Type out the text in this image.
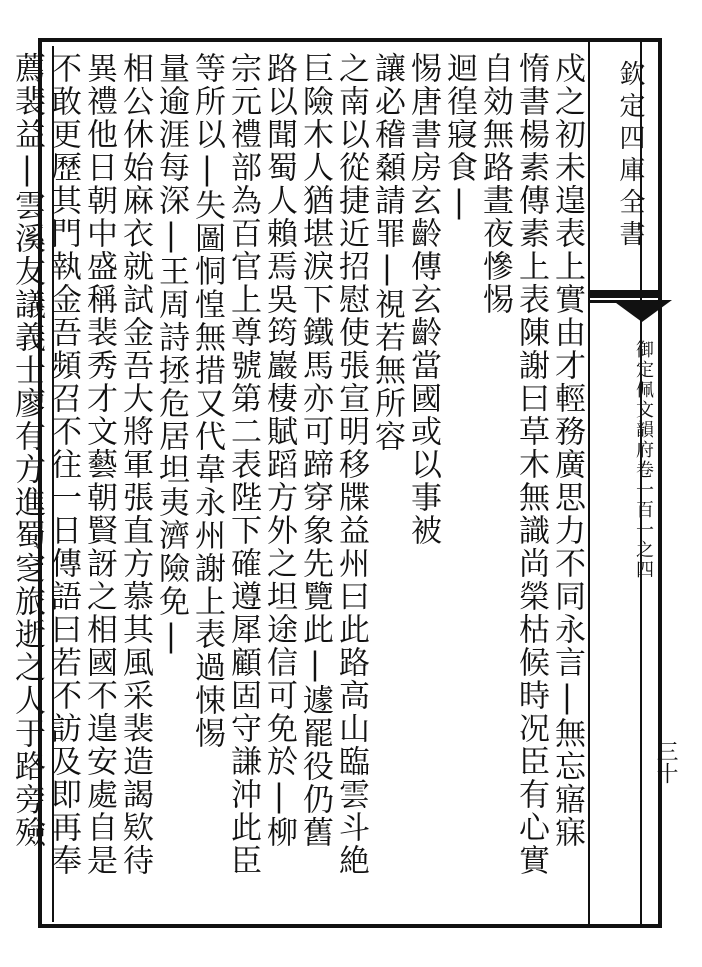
欽定四庫全書
御定佩文韻府卷一百一之四
三十
戍之初未遑表上實由才輕務廣思力不同永言|無忘寤寐
惰書楊素傳素上表陳謝曰草木無識尚榮枯候時况臣有心實
自効無路晝夜慘惕
迴徨寢食|
惕唐書房玄齡傳玄齡當國或以事被
讓必稽顙請罪|視若無所容
之南以從捷近招慰使張宣明移牒益州曰此路高山臨雲斗絶
巨險木人猶堪淚下鐵馬亦可蹄穿象先覽此|遽罷役仍舊
路以聞蜀人賴焉吳筠巖棲賦蹈方外之坦途信可免於|柳
宗元禮部為百官上尊號第二表陛下確遵犀顧固守謙沖此臣
等所以|失圖恫惶無措又代韋永州謝上表過悚惕
量逾涯每深|王周詩拯危居坦夷濟險免|
相公休始麻衣就試金吾大將軍張直方慕其風采裴造謁欵待
異禮他日朝中盛稱裴秀才文藝朝賢訝之相國不遑安處自是
不敢更歷其門執金吾頻召不往一日傳語曰若不訪及即再奉
薦裴益|雲溪友議義士廖有方進蜀窆旅逝之人于路旁殮
